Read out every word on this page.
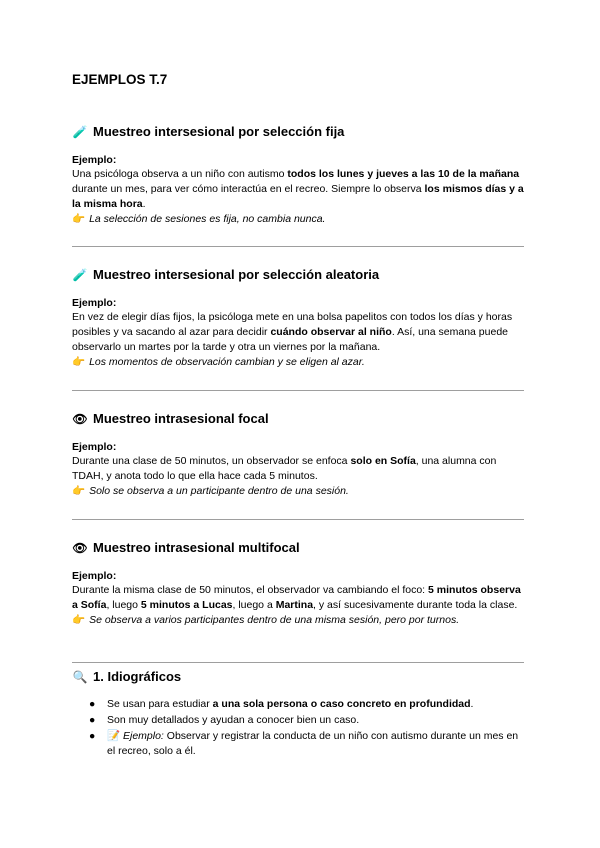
EJEMPLOS T.7
🧪 Muestreo intersesional por selección fija

Ejemplo:

Una psicóloga observa a un niño con autismo todos los lunes y jueves a las 10 de la mañana durante un mes, para ver cómo interactúa en el recreo. Siempre lo observa los mismos días y a la misma hora.

👉 La selección de sesiones es fija, no cambia nunca.

🧪 Muestreo intersesional por selección aleatoria

Ejemplo:

En vez de elegir días fijos, la psicóloga mete en una bolsa papelitos con todos los días y horas posibles y va sacando al azar para decidir cuándo observar al niño. Así, una semana puede observarlo un martes por la tarde y otra un viernes por la mañana.

👉 Los momentos de observación cambian y se eligen al azar.

👁 Muestreo intrasesional focal

Ejemplo:

Durante una clase de 50 minutos, un observador se enfoca solo en Sofía, una alumna con TDAH, y anota todo lo que ella hace cada 5 minutos.

👉 Solo se observa a un participante dentro de una sesión.

👁 Muestreo intrasesional multifocal

Ejemplo:

Durante la misma clase de 50 minutos, el observador va cambiando el foco: 5 minutos observa a Sofía, luego 5 minutos a Lucas, luego a Martina, y así sucesivamente durante toda la clase.

👉 Se observa a varios participantes dentro de una misma sesión, pero por turnos.

🔍 1. Idiográficos
● Se usan para estudiar a una sola persona o caso concreto en profundidad.
● Son muy detallados y ayudan a conocer bien un caso.
● 📝 Ejemplo: Observar y registrar la conducta de un niño con autismo durante un mes en el recreo, solo a él.
